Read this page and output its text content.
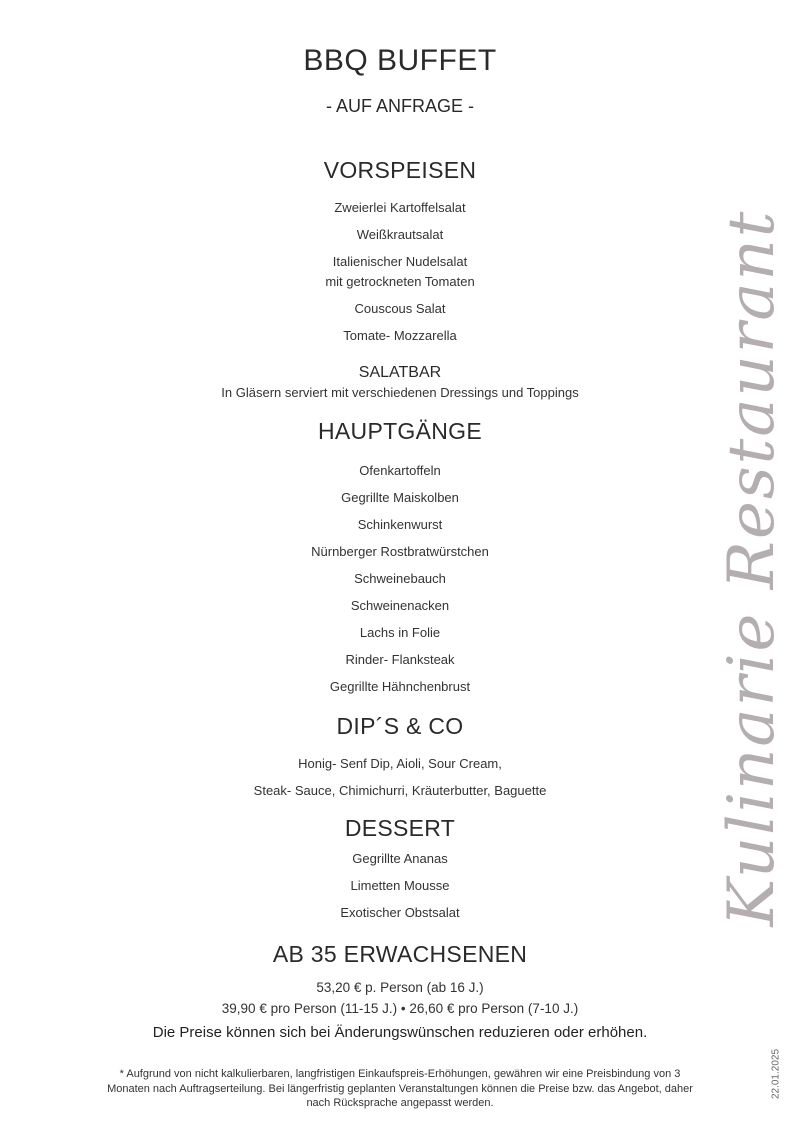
BBQ BUFFET
- AUF ANFRAGE -
VORSPEISEN
Zweierlei Kartoffelsalat
Weißkrautsalat
Italienischer Nudelsalat
mit getrockneten Tomaten
Couscous Salat
Tomate- Mozzarella
SALATBAR
In Gläsern serviert mit verschiedenen Dressings und Toppings
HAUPTGÄNGE
Ofenkartoffeln
Gegrillte Maiskolben
Schinkenwurst
Nürnberger Rostbratwürstchen
Schweinebauch
Schweinenacken
Lachs in Folie
Rinder- Flanksteak
Gegrillte Hähnchenbrust
DIP´S & CO
Honig- Senf Dip, Aioli, Sour Cream,
Steak- Sauce, Chimichurri, Kräuterbutter, Baguette
DESSERT
Gegrillte Ananas
Limetten Mousse
Exotischer Obstsalat
AB 35 ERWACHSENEN
53,20 € p. Person (ab 16 J.)
39,90 € pro Person (11-15 J.) • 26,60 € pro Person (7-10 J.)
Die Preise können sich bei Änderungswünschen reduzieren oder erhöhen.
* Aufgrund von nicht kalkulierbaren, langfristigen Einkaufspreis-Erhöhungen, gewähren wir eine Preisbindung von 3 Monaten nach Auftragserteilung. Bei längerfristig geplanten Veranstaltungen können die Preise bzw. das Angebot, daher nach Rücksprache angepasst werden.
Kulinarie Restaurant
22.01.2025
